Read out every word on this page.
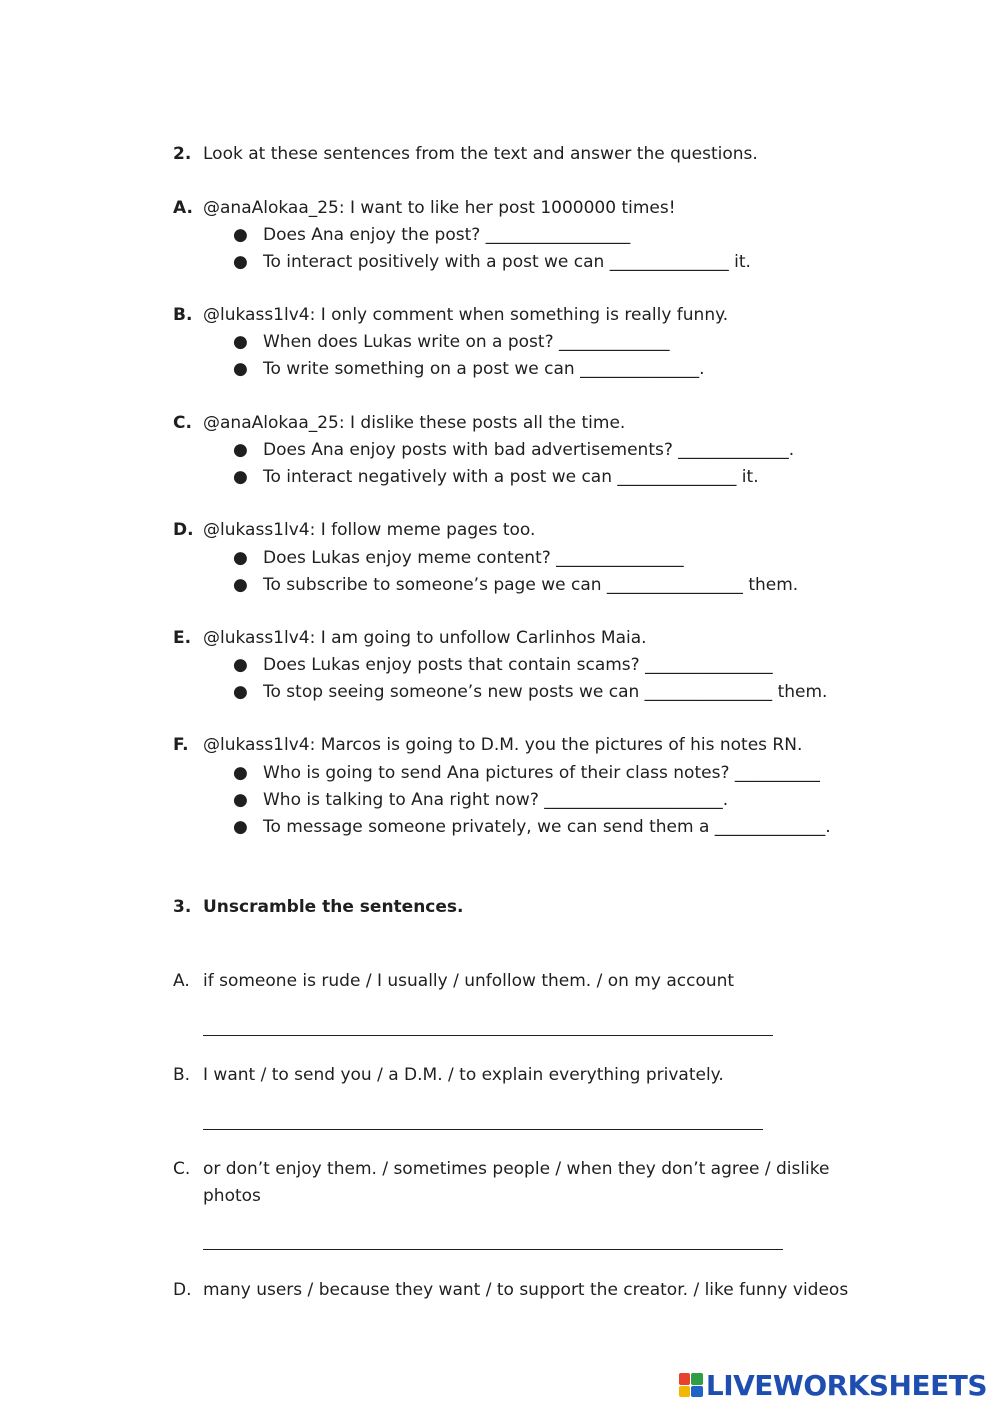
2. Look at these sentences from the text and answer the questions.
A. @anaAlokaa_25: I want to like her post 1000000 times!
● Does Ana enjoy the post? _________________
● To interact positively with a post we can ______________ it.
B. @lukass1lv4: I only comment when something is really funny.
● When does Lukas write on a post? _____________
● To write something on a post we can ______________.
C. @anaAlokaa_25: I dislike these posts all the time.
● Does Ana enjoy posts with bad advertisements? _____________.
● To interact negatively with a post we can ______________ it.
D. @lukass1lv4: I follow meme pages too.
● Does Lukas enjoy meme content? _______________
● To subscribe to someone’s page we can ________________ them.
E. @lukass1lv4: I am going to unfollow Carlinhos Maia.
● Does Lukas enjoy posts that contain scams? _______________
● To stop seeing someone’s new posts we can _______________ them.
F. @lukass1lv4: Marcos is going to D.M. you the pictures of his notes RN.
● Who is going to send Ana pictures of their class notes? __________
● Who is talking to Ana right now? _____________________.
● To message someone privately, we can send them a _____________.
3. Unscramble the sentences.
A. if someone is rude / I usually / unfollow them. / on my account
B. I want / to send you / a D.M. / to explain everything privately.
C. or don’t enjoy them. / sometimes people / when they don’t agree / dislike
photos
D. many users / because they want / to support the creator. / like funny videos
LIVEWORKSHEETS
